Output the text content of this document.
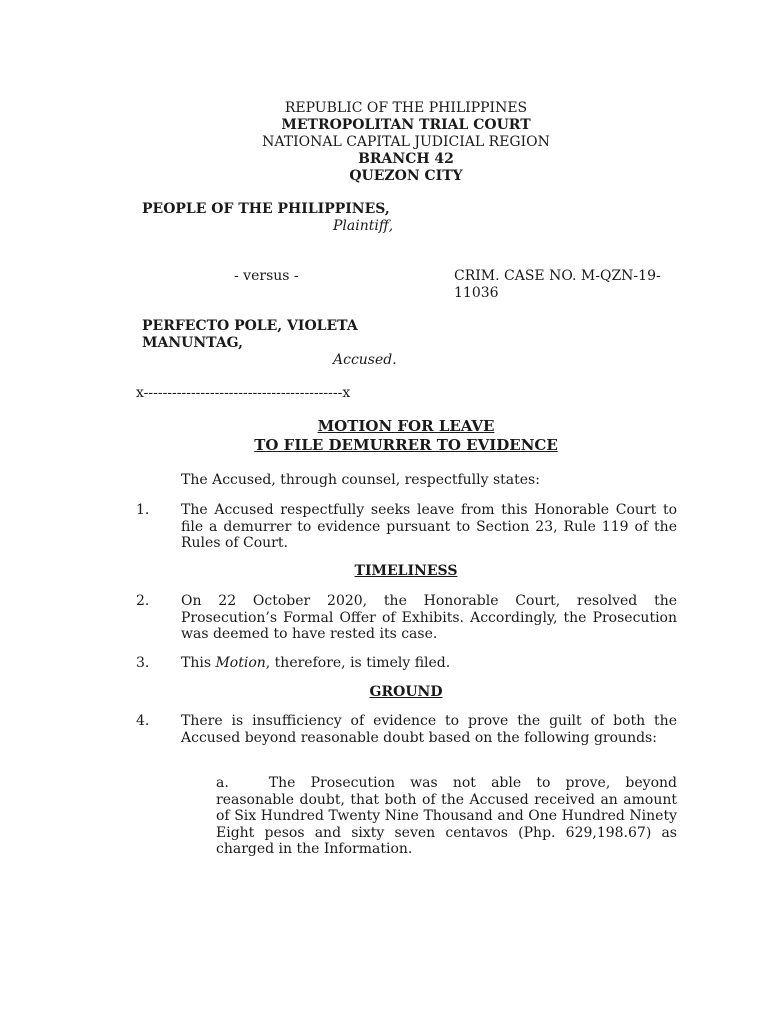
REPUBLIC OF THE PHILIPPINES
METROPOLITAN TRIAL COURT
NATIONAL CAPITAL JUDICIAL REGION
BRANCH 42
QUEZON CITY
PEOPLE OF THE PHILIPPINES,
Plaintiff,
- versus -	CRIM. CASE NO. M-QZN-19-
11036
PERFECTO POLE, VIOLETA
MANUNTAG,
Accused.
x------------------------------------------x
MOTION FOR LEAVE
TO FILE DEMURRER TO EVIDENCE
The Accused, through counsel, respectfully states:
1. The Accused respectfully seeks leave from this Honorable Court to file a demurrer to evidence pursuant to Section 23, Rule 119 of the Rules of Court.
TIMELINESS
2. On 22 October 2020, the Honorable Court, resolved the Prosecution’s Formal Offer of Exhibits. Accordingly, the Prosecution was deemed to have rested its case.
3. This Motion, therefore, is timely filed.
GROUND
4. There is insufficiency of evidence to prove the guilt of both the Accused beyond reasonable doubt based on the following grounds:
a.	The Prosecution was not able to prove, beyond reasonable doubt, that both of the Accused received an amount of Six Hundred Twenty Nine Thousand and One Hundred Ninety Eight pesos and sixty seven centavos (Php. 629,198.67) as charged in the Information.
